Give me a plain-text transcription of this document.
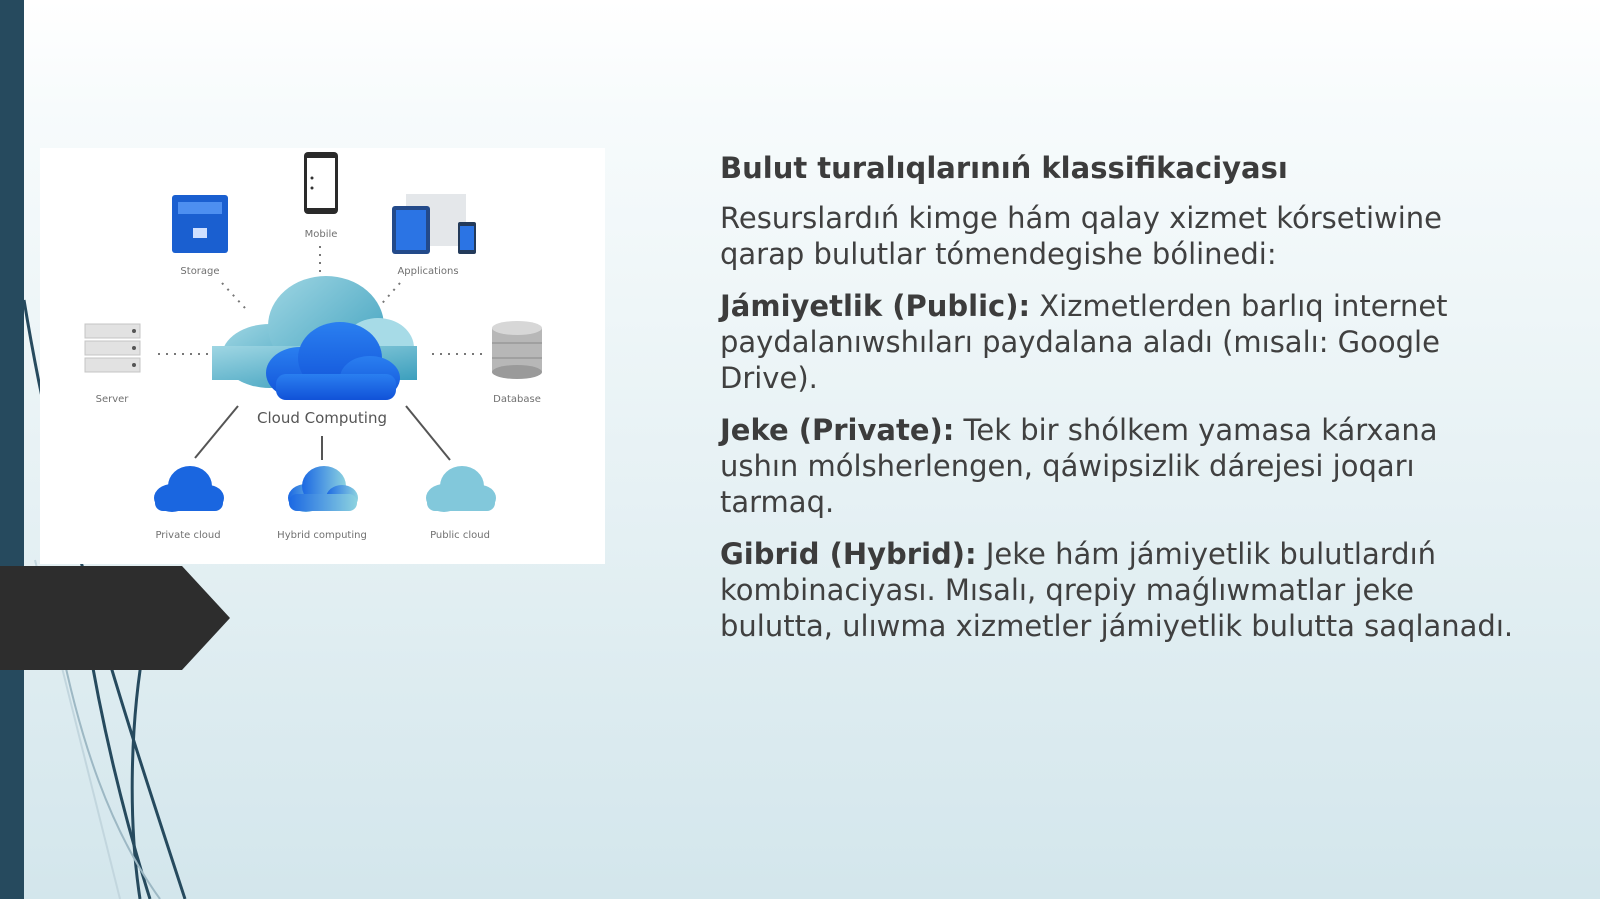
Storage
Mobile
Applications
Server	Database
Cloud Computing
Private cloud	Hybrid computing	Public cloud

Bulut turalıqlarınıń klassifikaciyası

Resurslardıń kimge hám qalay xizmet kórsetiwine qarap bulutlar tómendegishe bólinedi:

Jámiyetlik (Public): Xizmetlerden barlıq internet paydalanıwshıları paydalana aladı (mısalı: Google Drive).

Jeke (Private): Tek bir shólkem yamasa kárxana ushın mólsherlengen, qáwipsizlik dárejesi joqarı tarmaq.

Gibrid (Hybrid): Jeke hám jámiyetlik bulutlardıń kombinaciyası. Mısalı, qrepiy maǵlıwmatlar jeke bulutta, ulıwma xizmetler jámiyetlik bulutta saqlanadı.
